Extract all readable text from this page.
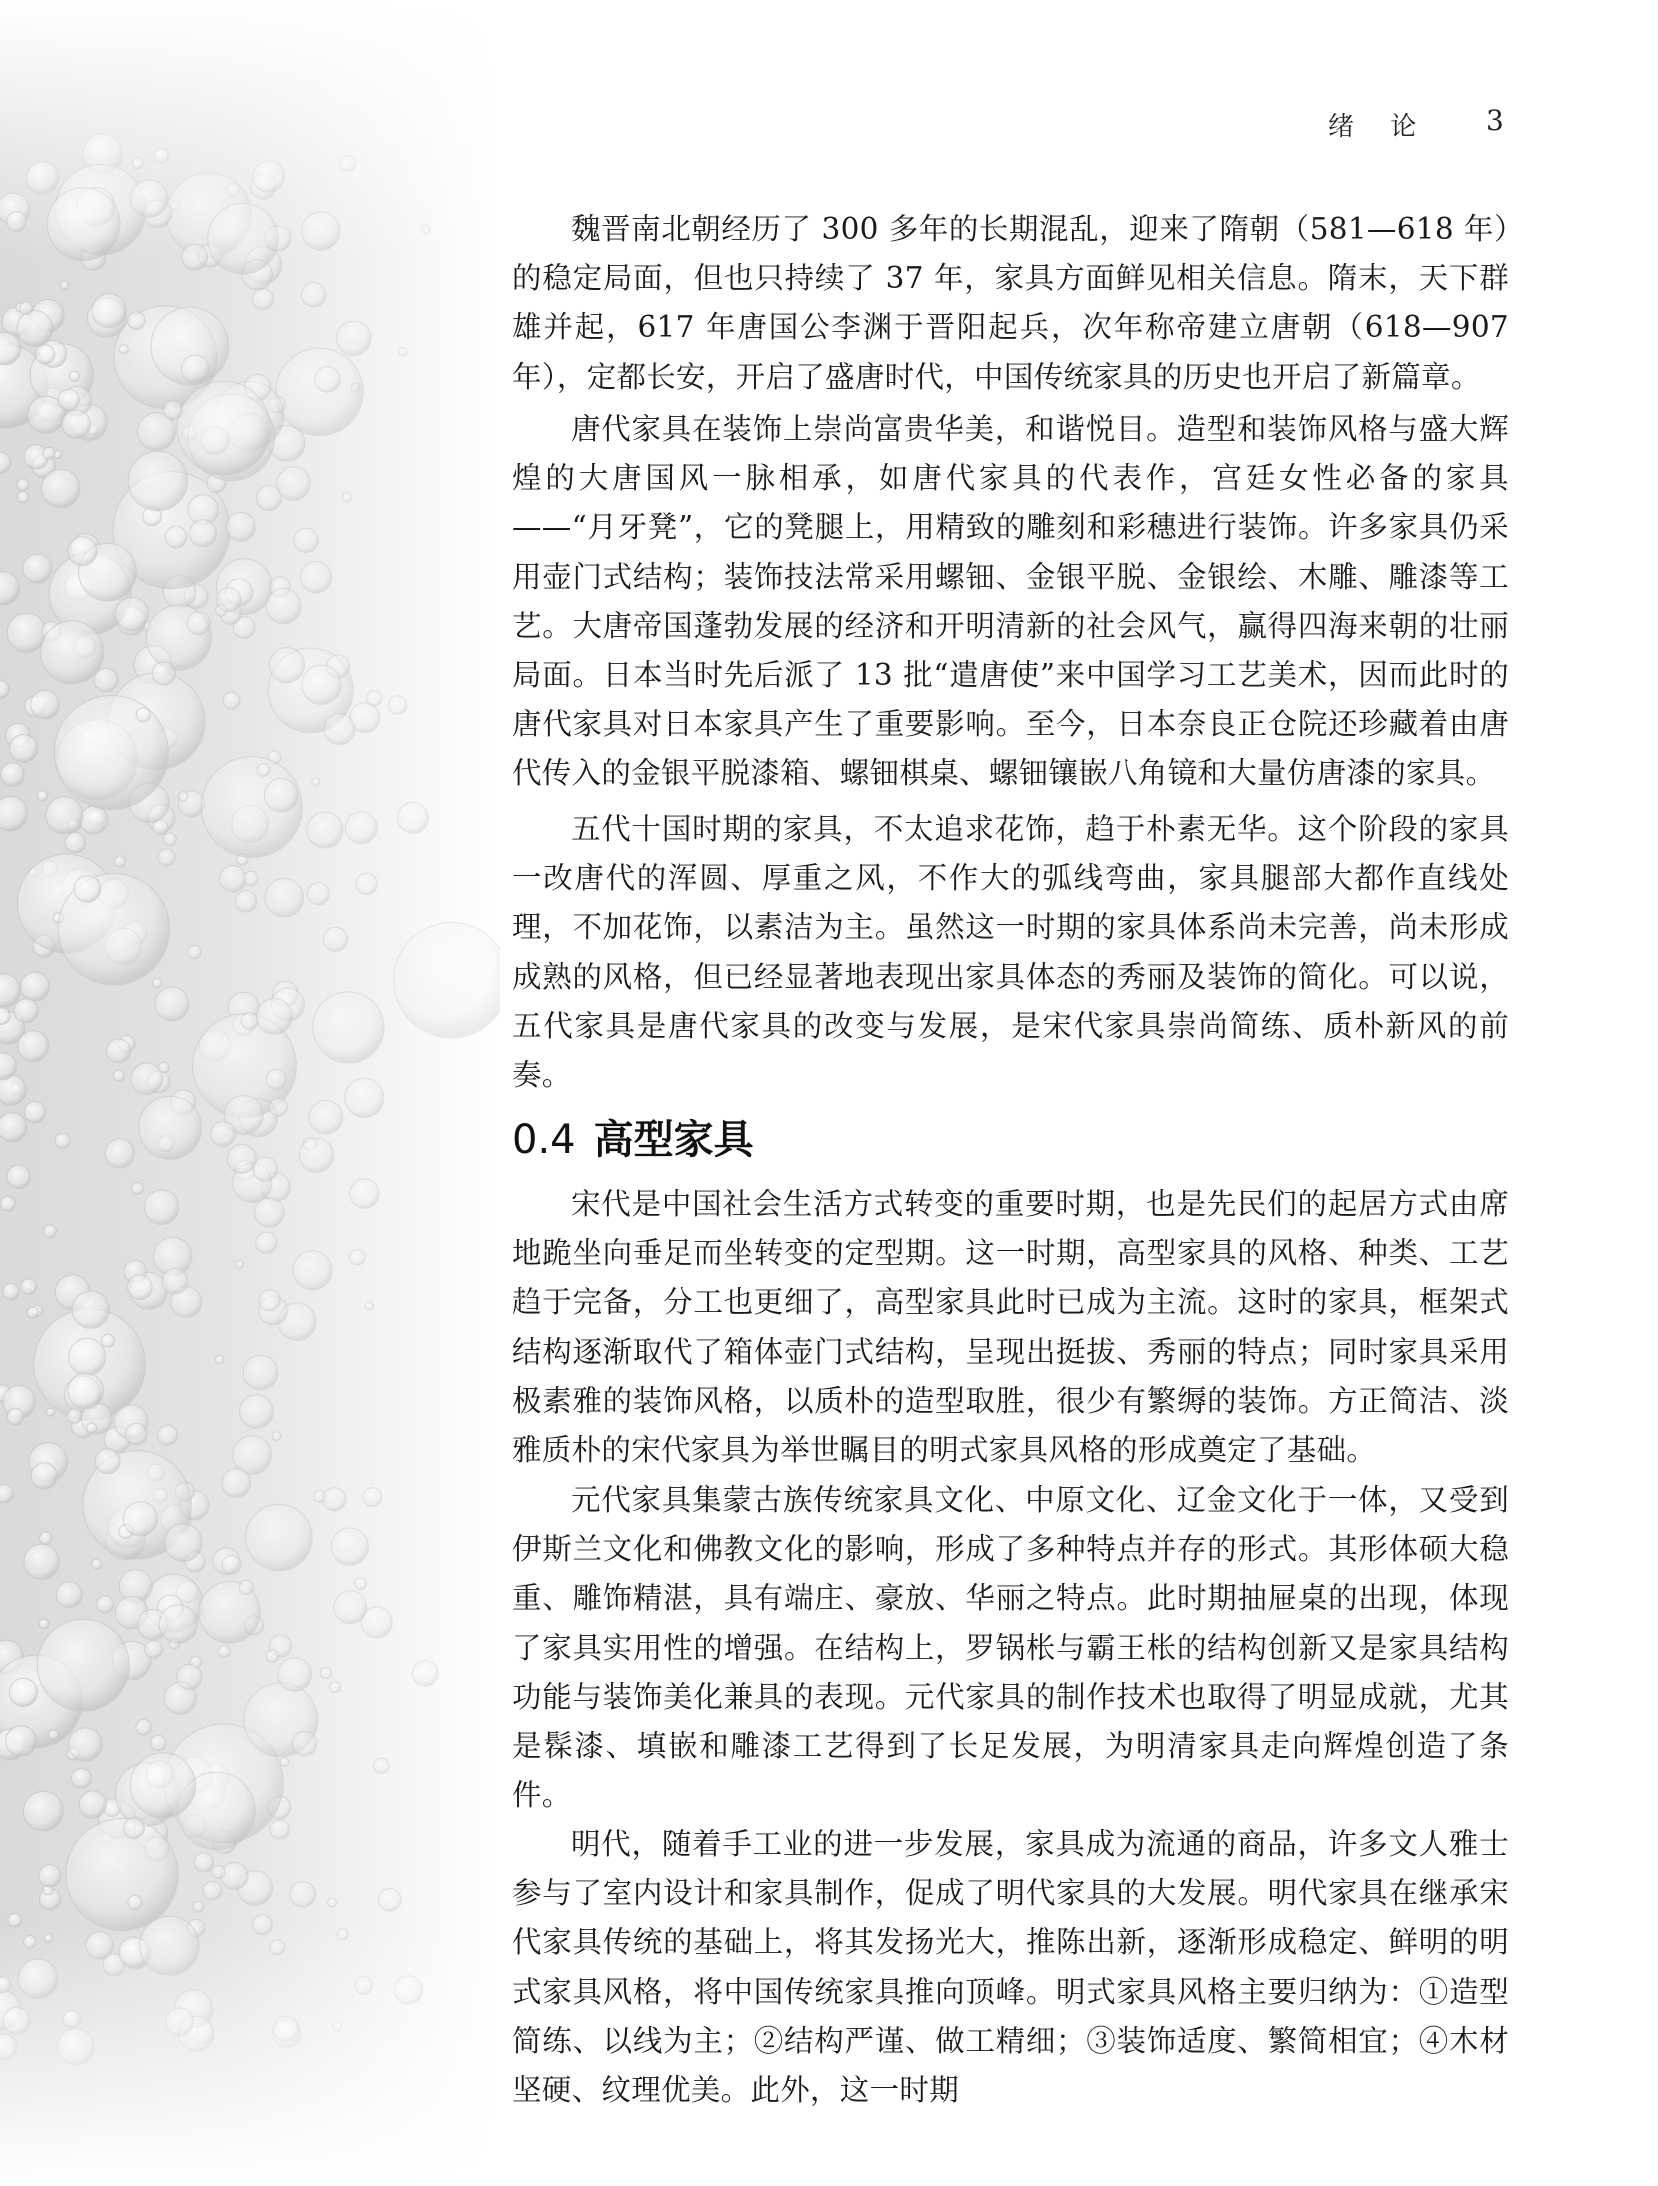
绪 论 3

魏晋南北朝经历了 300 多年的长期混乱，迎来了隋朝（581—618 年）的稳定局面，但也只持续了 37 年，家具方面鲜见相关信息。隋末，天下群雄并起，617 年唐国公李渊于晋阳起兵，次年称帝建立唐朝（618—907 年），定都长安，开启了盛唐时代，中国传统家具的历史也开启了新篇章。

唐代家具在装饰上崇尚富贵华美，和谐悦目。造型和装饰风格与盛大辉煌的大唐国风一脉相承，如唐代家具的代表作，宫廷女性必备的家具——“月牙凳”，它的凳腿上，用精致的雕刻和彩穗进行装饰。许多家具仍采用壶门式结构；装饰技法常采用螺钿、金银平脱、金银绘、木雕、雕漆等工艺。大唐帝国蓬勃发展的经济和开明清新的社会风气，赢得四海来朝的壮丽局面。日本当时先后派了 13 批“遣唐使”来中国学习工艺美术，因而此时的唐代家具对日本家具产生了重要影响。至今，日本奈良正仓院还珍藏着由唐代传入的金银平脱漆箱、螺钿棋桌、螺钿镶嵌八角镜和大量仿唐漆的家具。

五代十国时期的家具，不太追求花饰，趋于朴素无华。这个阶段的家具一改唐代的浑圆、厚重之风，不作大的弧线弯曲，家具腿部大都作直线处理，不加花饰，以素洁为主。虽然这一时期的家具体系尚未完善，尚未形成成熟的风格，但已经显著地表现出家具体态的秀丽及装饰的简化。可以说，五代家具是唐代家具的改变与发展，是宋代家具崇尚简练、质朴新风的前奏。

0.4 高型家具

宋代是中国社会生活方式转变的重要时期，也是先民们的起居方式由席地跪坐向垂足而坐转变的定型期。这一时期，高型家具的风格、种类、工艺趋于完备，分工也更细了，高型家具此时已成为主流。这时的家具，框架式结构逐渐取代了箱体壶门式结构，呈现出挺拔、秀丽的特点；同时家具采用极素雅的装饰风格，以质朴的造型取胜，很少有繁缛的装饰。方正简洁、淡雅质朴的宋代家具为举世瞩目的明式家具风格的形成奠定了基础。

元代家具集蒙古族传统家具文化、中原文化、辽金文化于一体，又受到伊斯兰文化和佛教文化的影响，形成了多种特点并存的形式。其形体硕大稳重、雕饰精湛，具有端庄、豪放、华丽之特点。此时期抽屉桌的出现，体现了家具实用性的增强。在结构上，罗锅枨与霸王枨的结构创新又是家具结构功能与装饰美化兼具的表现。元代家具的制作技术也取得了明显成就，尤其是髹漆、填嵌和雕漆工艺得到了长足发展，为明清家具走向辉煌创造了条件。

明代，随着手工业的进一步发展，家具成为流通的商品，许多文人雅士参与了室内设计和家具制作，促成了明代家具的大发展。明代家具在继承宋代家具传统的基础上，将其发扬光大，推陈出新，逐渐形成稳定、鲜明的明式家具风格，将中国传统家具推向顶峰。明式家具风格主要归纳为：①造型简练、以线为主；②结构严谨、做工精细；③装饰适度、繁简相宜；④木材坚硬、纹理优美。此外，这一时期
